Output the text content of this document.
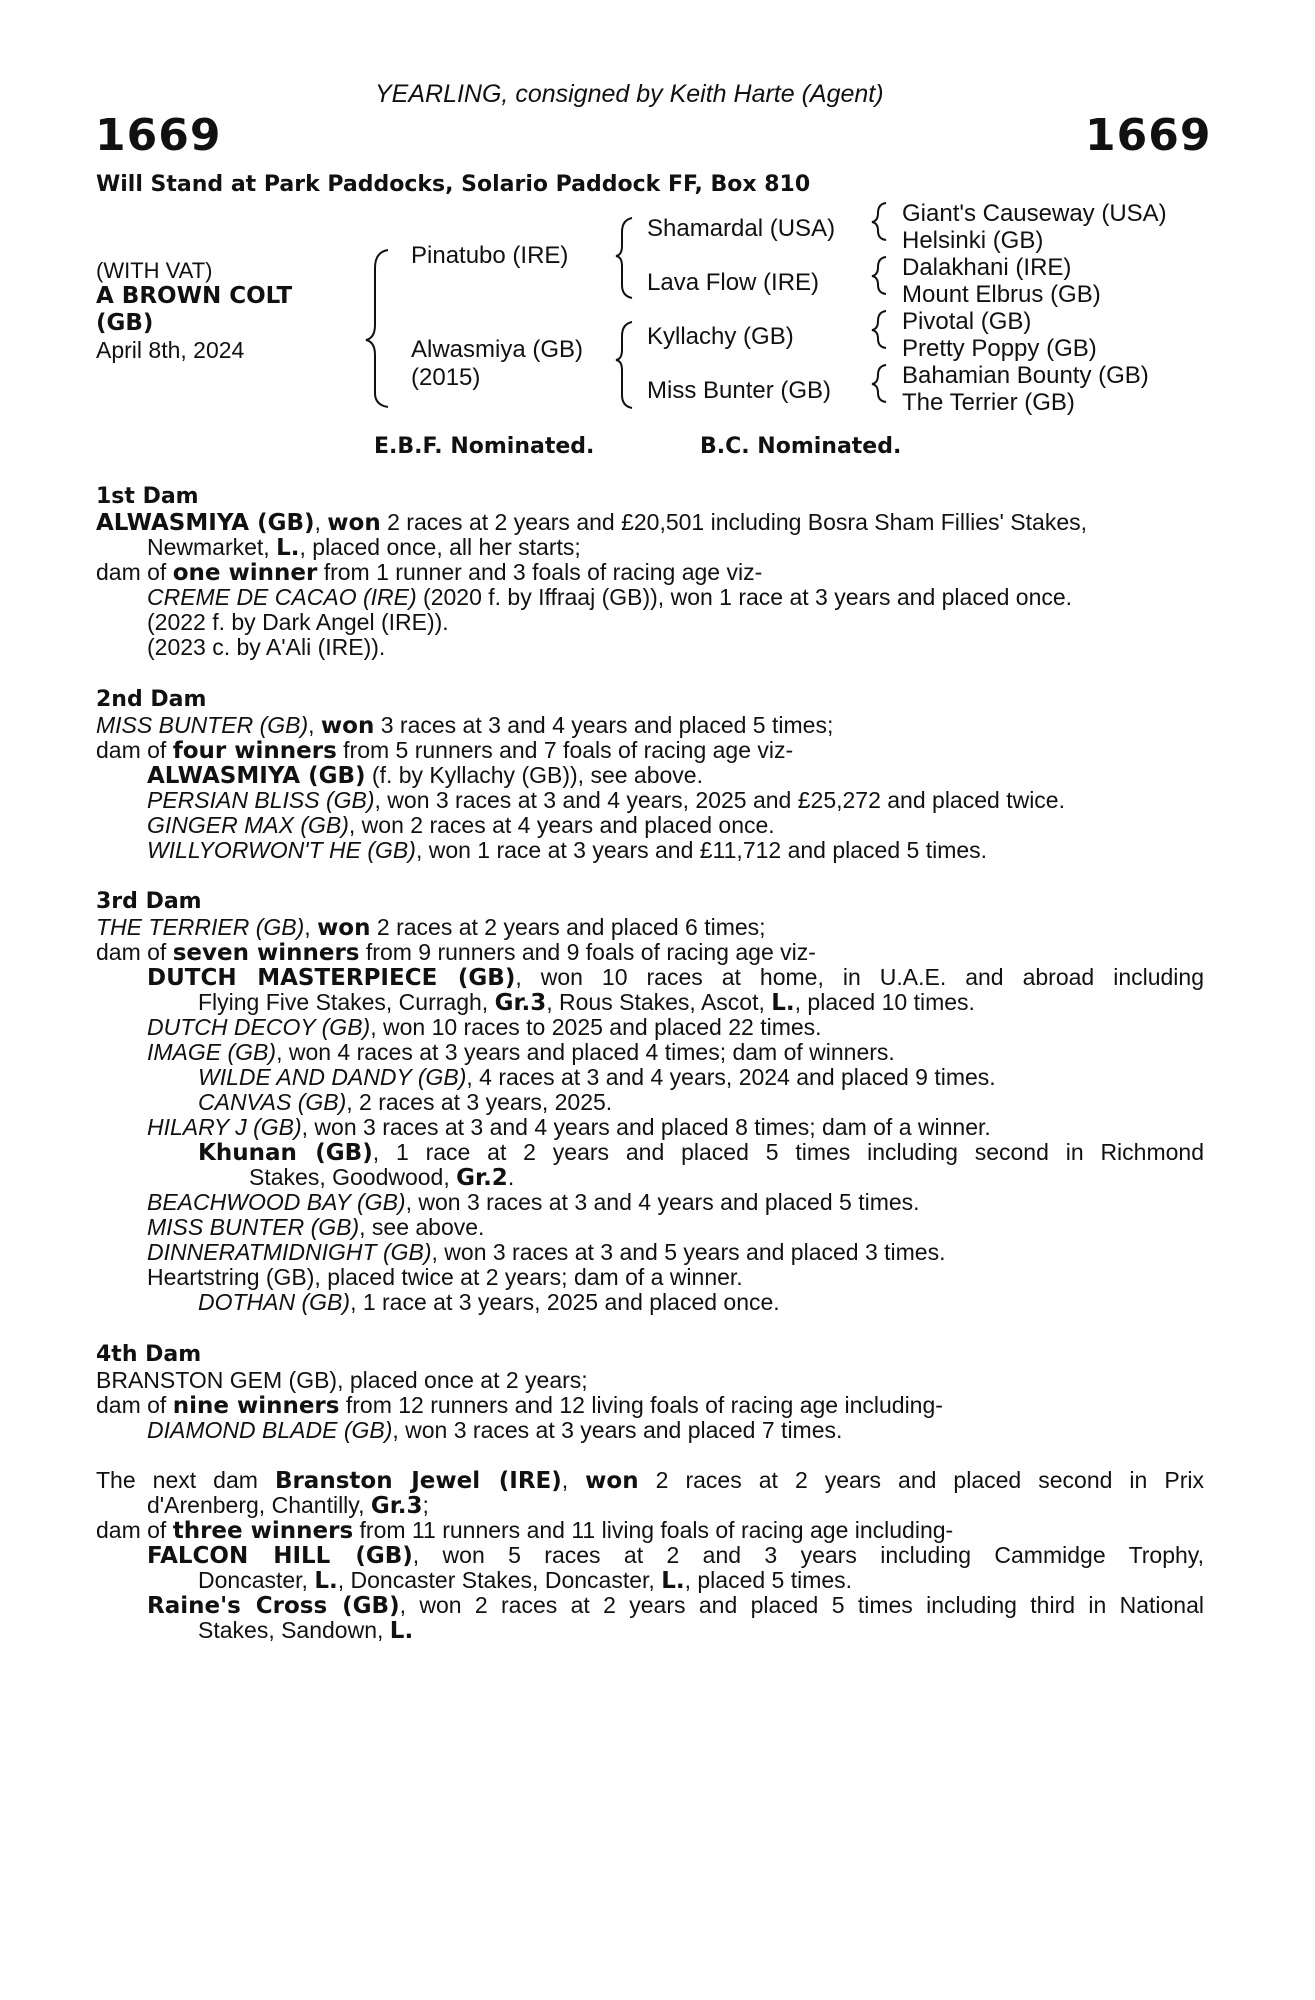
YEARLING, consigned by Keith Harte (Agent)
1669	1669
Will Stand at Park Paddocks, Solario Paddock FF, Box 810
(WITH VAT)
A BROWN COLT
(GB)
April 8th, 2024
Pinatubo (IRE)
Alwasmiya (GB)
(2015)
Shamardal (USA)
Lava Flow (IRE)
Kyllachy (GB)
Miss Bunter (GB)
Giant's Causeway (USA)
Helsinki (GB)
Dalakhani (IRE)
Mount Elbrus (GB)
Pivotal (GB)
Pretty Poppy (GB)
Bahamian Bounty (GB)
The Terrier (GB)
E.B.F. Nominated.	B.C. Nominated.
1st Dam
ALWASMIYA (GB), won 2 races at 2 years and £20,501 including Bosra Sham Fillies' Stakes,
Newmarket, L., placed once, all her starts;
dam of one winner from 1 runner and 3 foals of racing age viz-
CREME DE CACAO (IRE) (2020 f. by Iffraaj (GB)), won 1 race at 3 years and placed once.
(2022 f. by Dark Angel (IRE)).
(2023 c. by A'Ali (IRE)).
2nd Dam
MISS BUNTER (GB), won 3 races at 3 and 4 years and placed 5 times;
dam of four winners from 5 runners and 7 foals of racing age viz-
ALWASMIYA (GB) (f. by Kyllachy (GB)), see above.
PERSIAN BLISS (GB), won 3 races at 3 and 4 years, 2025 and £25,272 and placed twice.
GINGER MAX (GB), won 2 races at 4 years and placed once.
WILLYORWON'T HE (GB), won 1 race at 3 years and £11,712 and placed 5 times.
3rd Dam
THE TERRIER (GB), won 2 races at 2 years and placed 6 times;
dam of seven winners from 9 runners and 9 foals of racing age viz-
DUTCH MASTERPIECE (GB), won 10 races at home, in U.A.E. and abroad including
Flying Five Stakes, Curragh, Gr.3, Rous Stakes, Ascot, L., placed 10 times.
DUTCH DECOY (GB), won 10 races to 2025 and placed 22 times.
IMAGE (GB), won 4 races at 3 years and placed 4 times; dam of winners.
WILDE AND DANDY (GB), 4 races at 3 and 4 years, 2024 and placed 9 times.
CANVAS (GB), 2 races at 3 years, 2025.
HILARY J (GB), won 3 races at 3 and 4 years and placed 8 times; dam of a winner.
Khunan (GB), 1 race at 2 years and placed 5 times including second in Richmond
Stakes, Goodwood, Gr.2.
BEACHWOOD BAY (GB), won 3 races at 3 and 4 years and placed 5 times.
MISS BUNTER (GB), see above.
DINNERATMIDNIGHT (GB), won 3 races at 3 and 5 years and placed 3 times.
Heartstring (GB), placed twice at 2 years; dam of a winner.
DOTHAN (GB), 1 race at 3 years, 2025 and placed once.
4th Dam
BRANSTON GEM (GB), placed once at 2 years;
dam of nine winners from 12 runners and 12 living foals of racing age including-
DIAMOND BLADE (GB), won 3 races at 3 years and placed 7 times.
The next dam Branston Jewel (IRE), won 2 races at 2 years and placed second in Prix
d'Arenberg, Chantilly, Gr.3;
dam of three winners from 11 runners and 11 living foals of racing age including-
FALCON HILL (GB), won 5 races at 2 and 3 years including Cammidge Trophy,
Doncaster, L., Doncaster Stakes, Doncaster, L., placed 5 times.
Raine's Cross (GB), won 2 races at 2 years and placed 5 times including third in National
Stakes, Sandown, L.
